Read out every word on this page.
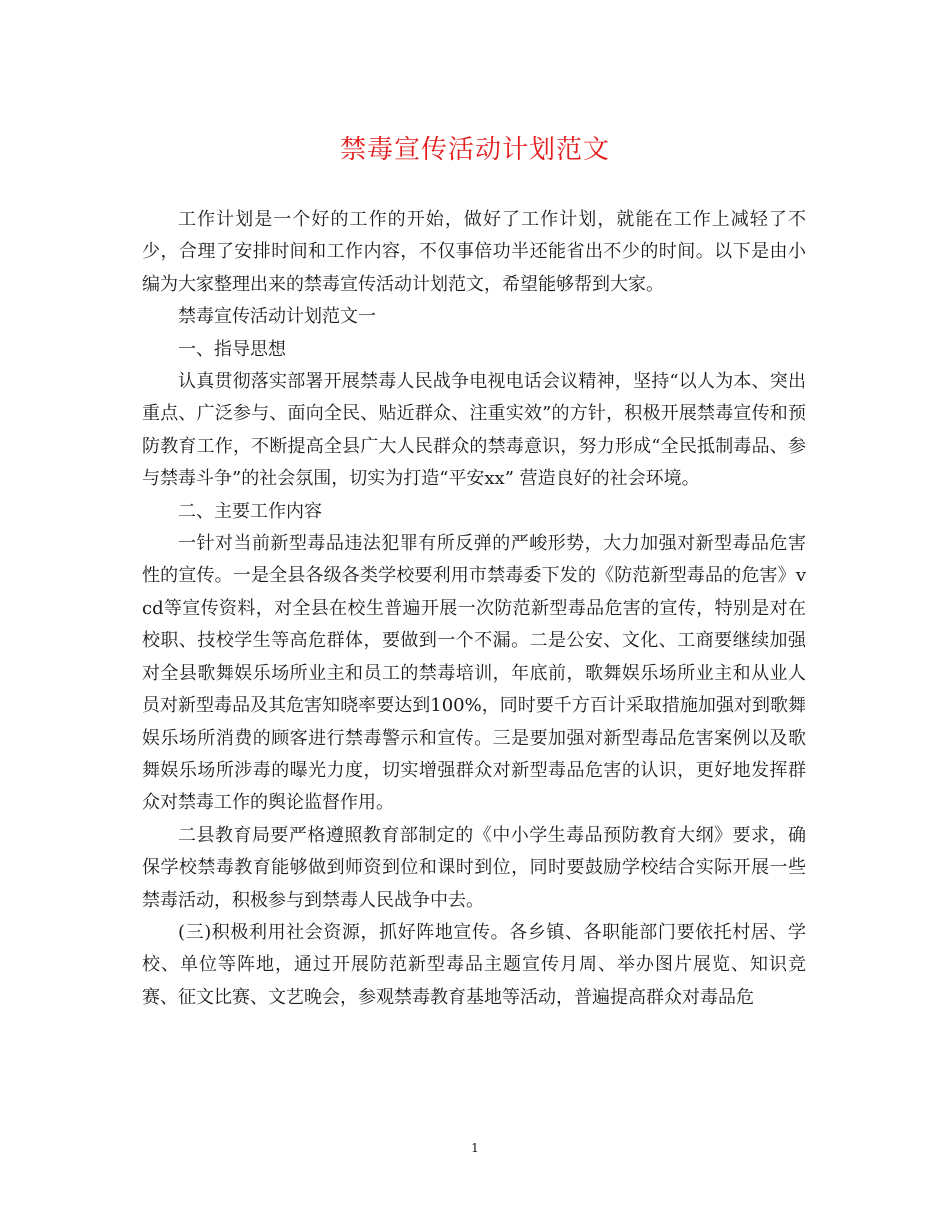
禁毒宣传活动计划范文

工作计划是一个好的工作的开始，做好了工作计划，就能在工作上减轻了不少，合理了安排时间和工作内容，不仅事倍功半还能省出不少的时间。以下是由小编为大家整理出来的禁毒宣传活动计划范文，希望能够帮到大家。

禁毒宣传活动计划范文一

一、指导思想

认真贯彻落实部署开展禁毒人民战争电视电话会议精神，坚持“以人为本、突出重点、广泛参与、面向全民、贴近群众、注重实效”的方针，积极开展禁毒宣传和预防教育工作，不断提高全县广大人民群众的禁毒意识，努力形成“全民抵制毒品、参与禁毒斗争”的社会氛围，切实为打造“平安xx” 营造良好的社会环境。

二、主要工作内容

一针对当前新型毒品违法犯罪有所反弹的严峻形势，大力加强对新型毒品危害性的宣传。一是全县各级各类学校要利用市禁毒委下发的《防范新型毒品的危害》vcd等宣传资料，对全县在校生普遍开展一次防范新型毒品危害的宣传，特别是对在校职、技校学生等高危群体，要做到一个不漏。二是公安、文化、工商要继续加强对全县歌舞娱乐场所业主和员工的禁毒培训，年底前，歌舞娱乐场所业主和从业人员对新型毒品及其危害知晓率要达到100%，同时要千方百计采取措施加强对到歌舞娱乐场所消费的顾客进行禁毒警示和宣传。三是要加强对新型毒品危害案例以及歌舞娱乐场所涉毒的曝光力度，切实增强群众对新型毒品危害的认识，更好地发挥群众对禁毒工作的舆论监督作用。

二县教育局要严格遵照教育部制定的《中小学生毒品预防教育大纲》要求，确保学校禁毒教育能够做到师资到位和课时到位，同时要鼓励学校结合实际开展一些禁毒活动，积极参与到禁毒人民战争中去。

(三)积极利用社会资源，抓好阵地宣传。各乡镇、各职能部门要依托村居、学校、单位等阵地，通过开展防范新型毒品主题宣传月周、举办图片展览、知识竞赛、征文比赛、文艺晚会，参观禁毒教育基地等活动，普遍提高群众对毒品危

1
